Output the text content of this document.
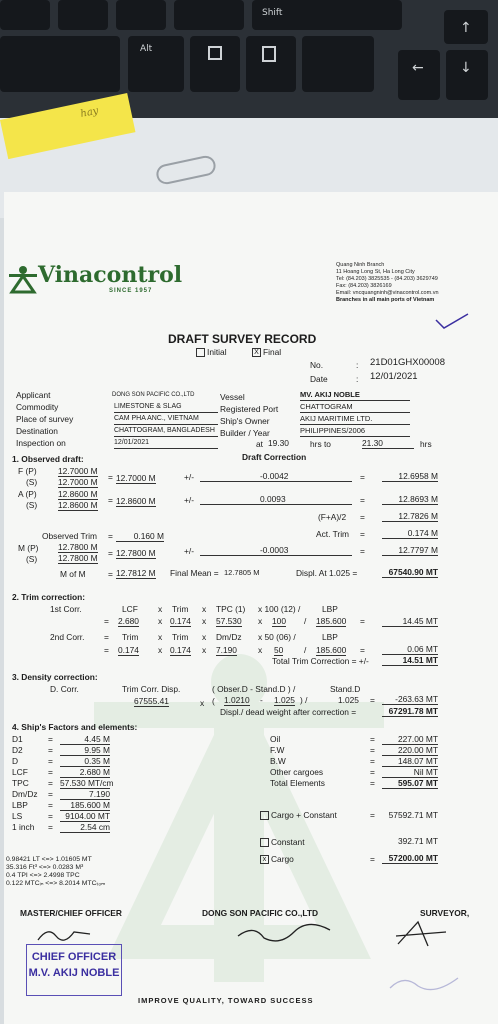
Shift
↑
Alt
←	↓
hay
Vinacontrol
SINCE 1957
Quang Ninh Branch
11 Hoang Long St, Ha Long City
Tel: (84.203) 3825535 - (84.203) 3629749
Fax: (84.203) 3826169
Email: vncquangninh@vinacontrol.com.vn
Branches in all main ports of Vietnam
DRAFT SURVEY RECORD
Initial	X Final
No.	: 21D01GHX00008
Date	: 12/01/2021
Applicant	DONG SON PACIFIC CO.,LTD
Commodity	LIMESTONE & SLAG
Place of survey	CAM PHA ANC., VIETNAM
Destination	CHATTOGRAM, BANGLADESH
Inspection on	12/01/2021
Vessel	MV. AKIJ NOBLE
Registered Port	CHATTOGRAM
Ship's Owner	AKIJ MARITIME LTD.
Builder / Year	PHILIPPINES/2006
at 19.30	hrs to	21.30	hrs
1. Observed draft:	Draft Correction
F (P)	12.7000 M
(S) 12.7000 M = 12.7000 M	+/-	-0.0042	=	12.6958 M
A (P)	12.8600 M
(S) 12.8600 M = 12.8600 M	+/-	0.0093	=	12.8693 M
(F+A)/2 =	12.7826 M
Observed Trim =	0.160 M	Act. Trim =	0.174 M
M (P) 12.7800 M
(S) 12.7800 M = 12.7800 M	+/-	-0.0003	=	12.7797 M
M of M	= 12.7812 M Final Mean = 12.7805 M	Displ. At 1.025 =	67540.90 MT
2. Trim correction:
1st Corr.	LCF x Trim x TPC (1) x 100 (12) /	LBP
= 2.680 x 0.174 x 57.530 x 100 / 185.600 =	14.45 MT
2nd Corr. = Trim x Trim x Dm/Dz x 50 (06) /	LBP
= 0.174 x 0.174 x 7.190	x 50 / 185.600 =	0.06 MT
Total Trim Correction = +/-	14.51 MT
3. Density correction:
D. Corr.	Trim Corr. Disp.	( Obser.D - Stand.D ) /	Stand.D
67555.41	x ( 1.0210 - 1.025 ) /	1.025 =	-263.63 MT
Displ./ dead weight after correction =	67291.78 MT
4. Ship's Factors and elements:
D1	=	4.45 M
D2	=	9.95 M
D	=	0.35 M
LCF =	2.680 M
TPC = 57.530 MT/cm
Dm/Dz =	7.190
LBP =	185.600 M
LS	=	9104.00 MT
1 inch =	2.54 cm
Oil	=	227.00 MT
F.W	=	220.00 MT
B.W	=	148.07 MT
Other cargoes	=	Nil MT
Total Elements	=	595.07 MT
Cargo + Constant	=	57592.71 MT
Constant	392.71 MT
x Cargo	=	57200.00 MT
0.98421 LT <=> 1.01605 MT
35.316 Ft³ <=> 0.0283 M³
0.4 TPI <=> 2.4998 TPC
0.122 MTCᵢₙ <=> 8.2014 MTCₜₒₘ
MASTER/CHIEF OFFICER	DONG SON PACIFIC CO.,LTD	SURVEYOR,
CHIEF OFFICER
M.V. AKIJ NOBLE
IMPROVE QUALITY, TOWARD SUCCESS
